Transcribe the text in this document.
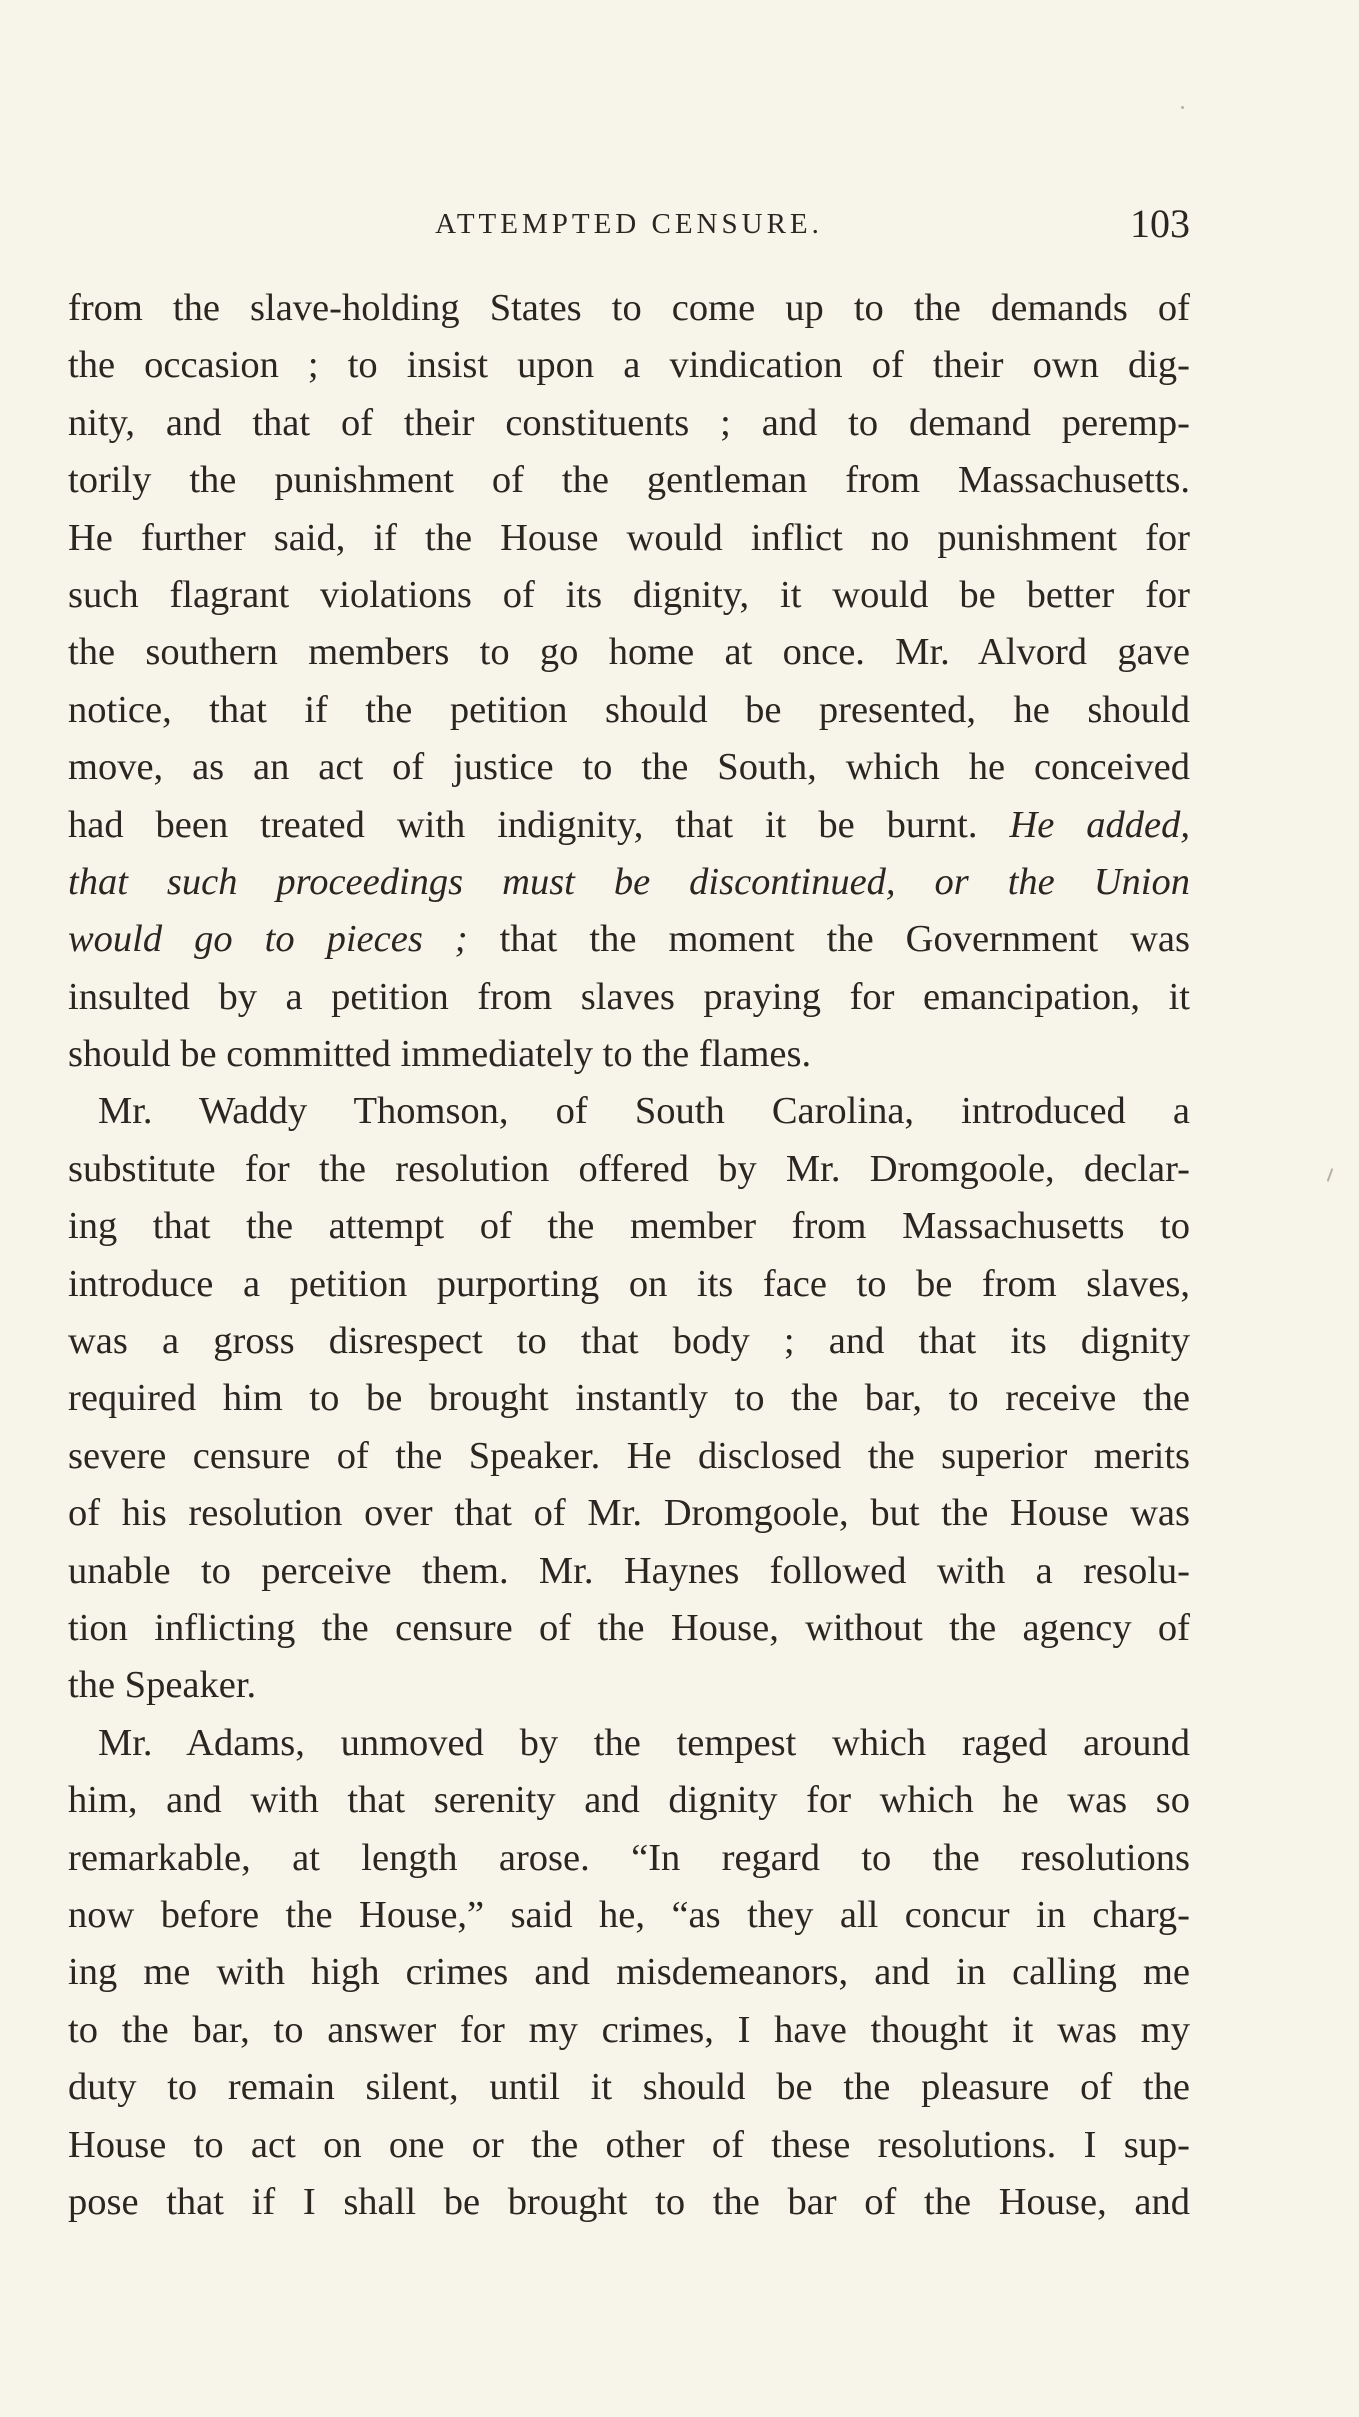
ATTEMPTED CENSURE.	103
from the slave-holding States to come up to the demands of
the occasion ; to insist upon a vindication of their own dig-
nity, and that of their constituents ; and to demand peremp-
torily the punishment of the gentleman from Massachusetts.
He further said, if the House would inflict no punishment for
such flagrant violations of its dignity, it would be better for
the southern members to go home at once. Mr. Alvord gave
notice, that if the petition should be presented, he should
move, as an act of justice to the South, which he conceived
had been treated with indignity, that it be burnt. He added,
that such proceedings must be discontinued, or the Union
would go to pieces ; that the moment the Government was
insulted by a petition from slaves praying for emancipation, it
should be committed immediately to the flames.
Mr. Waddy Thomson, of South Carolina, introduced a
substitute for the resolution offered by Mr. Dromgoole, declar-
ing that the attempt of the member from Massachusetts to
introduce a petition purporting on its face to be from slaves,
was a gross disrespect to that body ; and that its dignity
required him to be brought instantly to the bar, to receive the
severe censure of the Speaker. He disclosed the superior merits
of his resolution over that of Mr. Dromgoole, but the House was
unable to perceive them. Mr. Haynes followed with a resolu-
tion inflicting the censure of the House, without the agency of
the Speaker.
Mr. Adams, unmoved by the tempest which raged around
him, and with that serenity and dignity for which he was so
remarkable, at length arose. “In regard to the resolutions
now before the House,” said he, “as they all concur in charg-
ing me with high crimes and misdemeanors, and in calling me
to the bar, to answer for my crimes, I have thought it was my
duty to remain silent, until it should be the pleasure of the
House to act on one or the other of these resolutions. I sup-
pose that if I shall be brought to the bar of the House, and
